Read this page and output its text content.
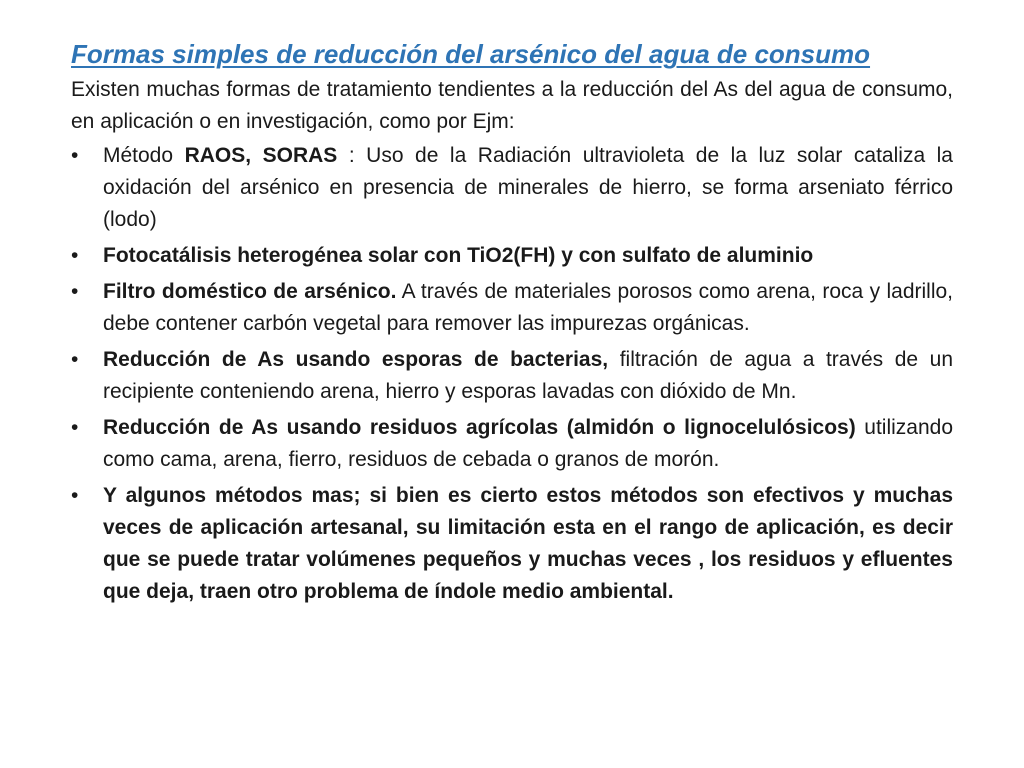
Formas simples de reducción del arsénico del agua de consumo

Existen muchas formas de tratamiento tendientes a la reducción del As del agua de consumo, en aplicación o en investigación, como por Ejm:

•	Método RAOS, SORAS : Uso de la Radiación ultravioleta de la luz solar cataliza la oxidación del arsénico en presencia de minerales de hierro, se forma arseniato férrico (lodo)
•	Fotocatálisis heterogénea solar con TiO2(FH) y con sulfato de aluminio
•	Filtro doméstico de arsénico. A través de materiales porosos como arena, roca y ladrillo, debe contener carbón vegetal para remover las impurezas orgánicas.
•	Reducción de As usando esporas de bacterias, filtración de agua a través de un recipiente conteniendo arena, hierro y esporas lavadas con dióxido de Mn.
•	Reducción de As usando residuos agrícolas (almidón o lignocelulósicos) utilizando como cama, arena, fierro, residuos de cebada o granos de morón.
•	Y algunos métodos mas; si bien es cierto estos métodos son efectivos y muchas veces de aplicación artesanal, su limitación esta en el rango de aplicación, es decir que se puede tratar volúmenes pequeños y muchas veces , los residuos y efluentes que deja, traen otro problema de índole medio ambiental.
